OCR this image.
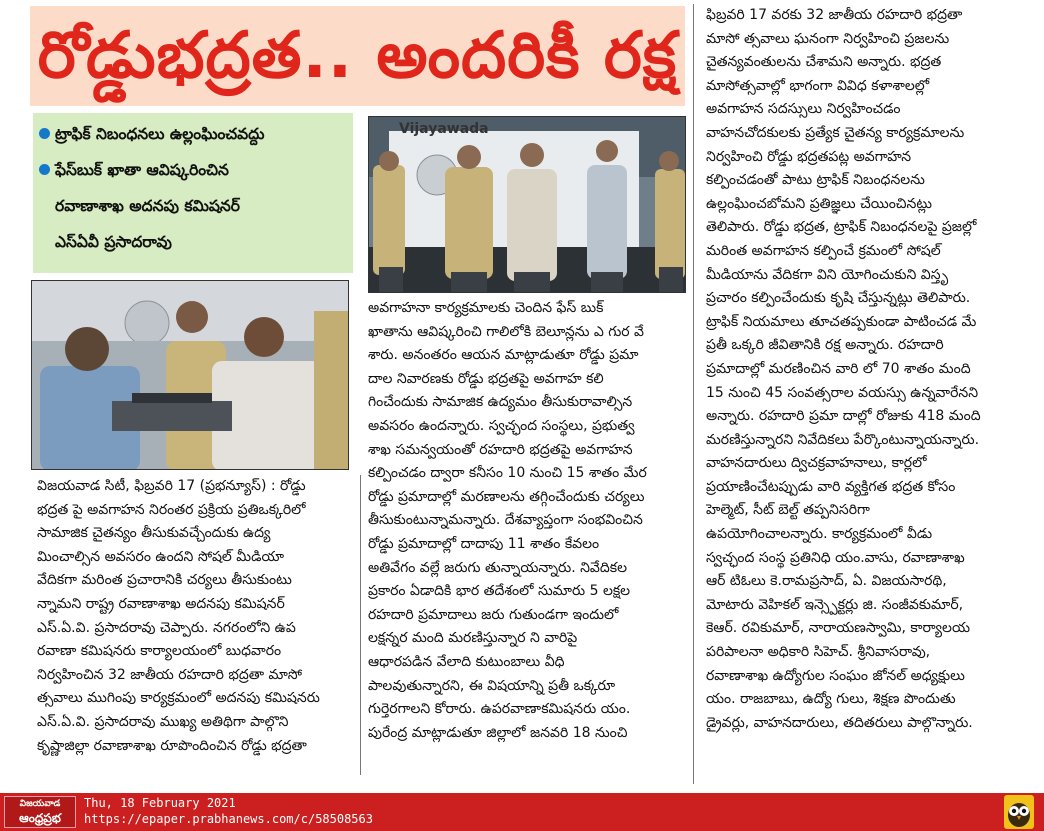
రోడ్డుభద్రత.. అందరికీ రక్ష
ట్రాఫిక్ నిబంధనలు ఉల్లంఘించవద్దు
ఫేస్‌బుక్ ఖాతా ఆవిష్కరించిన
రవాణాశాఖ అదనపు కమిషనర్
ఎస్ఏవీ ప్రసాదరావు
Vijayawada

విజయవాడ సిటీ, ఫిబ్రవరి 17 (ప్రభన్యూస్) : రోడ్డు

భద్రత పై అవగాహన నిరంతర ప్రక్రియ ప్రతిఒక్కరిలో

సామాజిక చైతన్యం తీసుకువచ్చేందుకు ఉద్య

మించాల్సిన అవసరం ఉందని సోషల్ మీడియా

వేదికగా మరింత ప్రచారానికి చర్యలు తీసుకుంటు

న్నామని రాష్ట్ర రవాణాశాఖ అదనపు కమిషనర్

ఎస్.ఏ.వి. ప్రసాదరావు చెప్పారు. నగరంలోని ఉప

రవాణా కమిషనరు కార్యాలయంలో బుధవారం

నిర్వహించిన 32 జాతీయ రహదారి భద్రతా మాసో

త్సవాలు ముగింపు కార్యక్రమంలో అదనపు కమిషనరు

ఎస్.ఏ.వి. ప్రసాదరావు ముఖ్య అతిథిగా పాల్గొని

కృష్ణాజిల్లా రవాణాశాఖ రూపొందించిన రోడ్డు భద్రతా

అవగాహనా కార్యక్రమాలకు చెందిన ఫేస్ బుక్

ఖాతాను ఆవిష్కరించి గాలిలోకి బెలూన్లను ఎ గుర వే

శారు. అనంతరం ఆయన మాట్లాడుతూ రోడ్డు ప్రమా

దాల నివారణకు రోడ్డు భద్రతపై అవగాహ కలి

గించేందుకు సామాజిక ఉద్యమం తీసుకురావాల్సిన

అవసరం ఉందన్నారు. స్వచ్ఛంద సంస్థలు, ప్రభుత్వ

శాఖ సమన్వయంతో రహదారి భద్రతపై అవగాహన

కల్పించడం ద్వారా కనీసం 10 నుంచి 15 శాతం మేర

రోడ్డు ప్రమాదాల్లో మరణాలను తగ్గించేందుకు చర్యలు

తీసుకుంటున్నామన్నారు. దేశవ్యాప్తంగా సంభవించిన

రోడ్డు ప్రమాదాల్లో దాదాపు 11 శాతం కేవలం

అతివేగం వల్లే జరుగు తున్నాయన్నారు. నివేదికల

ప్రకారం ఏడాదికి భార తదేశంలో సుమారు 5 లక్షల

రహదారి ప్రమాదాలు జరు గుతుండగా ఇందులో

లక్షన్నర మంది మరణిస్తున్నార ని వారిపై

ఆధారపడిన వేలాది కుటుంబాలు వీధి

పాలవుతున్నారని, ఈ విషయాన్ని ప్రతీ ఒక్కరూ

గుర్తెరగాలని కోరారు. ఉపరవాణాకమిషనరు యం.

పురేంద్ర మాట్లాడుతూ జిల్లాలో జనవరి 18 నుంచి

ఫిబ్రవరి 17 వరకు 32 జాతీయ రహదారి భద్రతా

మాసో త్సవాలు ఘనంగా నిర్వహించి ప్రజలను

చైతన్యవంతులను చేశామని అన్నారు. భద్రత

మాసోత్సవాల్లో భాగంగా వివిధ కళాశాలల్లో

అవగాహన సదస్సులు నిర్వహించడం

వాహనచోదకులకు ప్రత్యేక చైతన్య కార్యక్రమాలను

నిర్వహించి రోడ్డు భద్రతపట్ల అవగాహన

కల్పించడంతో పాటు ట్రాఫిక్ నిబంధనలను

ఉల్లంఘించబోమని ప్రతిజ్ఞలు చేయించినట్లు

తెలిపారు. రోడ్డు భద్రత, ట్రాఫిక్ నిబంధనలపై ప్రజల్లో

మరింత అవగాహన కల్పించే క్రమంలో సోషల్

మీడియాను వేదికగా విని యోగించుకుని విస్తృ

ప్రచారం కల్పించేందుకు కృషి చేస్తున్నట్లు తెలిపారు.

ట్రాఫిక్ నియమాలు తూచతప్పకుండా పాటించడ మే

ప్రతీ ఒక్కరి జీవితానికి రక్ష అన్నారు. రహదారి

ప్రమాదాల్లో మరణించిన వారి లో 70 శాతం మంది

15 నుంచి 45 సంవత్సరాల వయస్సు ఉన్నవారేనని

అన్నారు. రహదారి ప్రమా దాల్లో రోజుకు 418 మంది

మరణిస్తున్నారని నివేదికలు పేర్కొంటున్నాయన్నారు.

వాహనదారులు ద్విచక్రవాహనాలు, కార్లలో

ప్రయాణించేటప్పుడు వారి వ్యక్తిగత భద్రత కోసం

హెల్మెట్, సీట్ బెల్ట్ తప్పనిసరిగా

ఉపయోగించాలన్నారు. కార్యక్రమంలో వీడు

స్వచ్ఛంద సంస్థ ప్రతినిధి యం.వాసు, రవాణాశాఖ

ఆర్ టిఓలు కె.రామప్రసాద్, ఏ. విజయసారథి,

మోటారు వెహికల్ ఇన్స్పెక్టర్లు జి. సంజీవకుమార్,

కెఆర్. రవికుమార్, నారాయణస్వామి, కార్యాలయ

పరిపాలనా అధికారి సిహెచ్. శ్రీనివాసరావు,

రవాణాశాఖ ఉద్యోగుల సంఘం జోనల్ అధ్యక్షులు

యం. రాజబాబు, ఉద్యో గులు, శిక్షణ పొందుతు

డ్రైవర్లు, వాహనదారులు, తదితరులు పాల్గొన్నారు.

విజయవాడ
ఆంధ్రప్రభ
Thu, 18 February 2021
https://epaper.prabhanews.com/c/58508563
